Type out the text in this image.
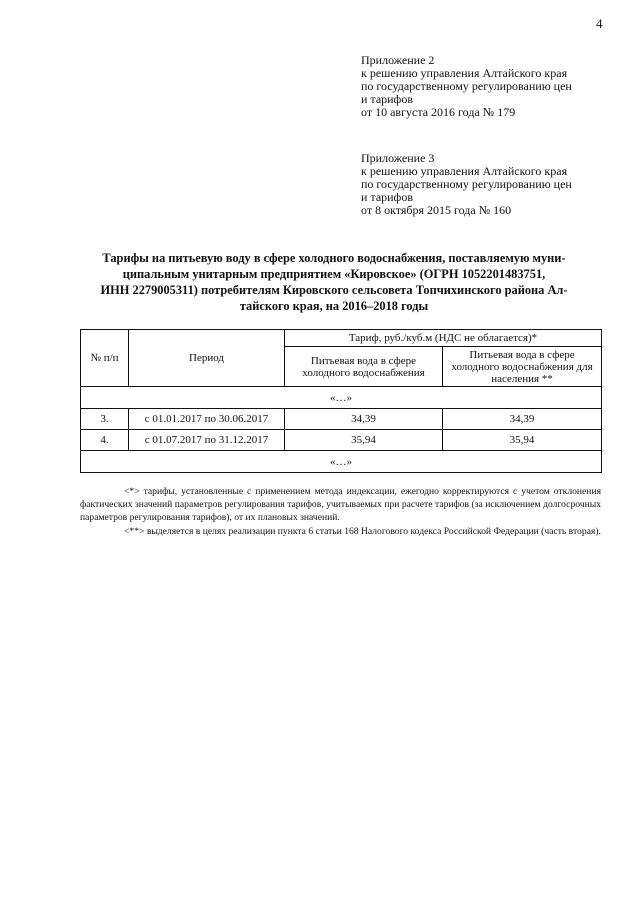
4
Приложение 2
к решению управления Алтайского края
по государственному регулированию цен
и тарифов
от 10 августа 2016 года № 179
Приложение 3
к решению управления Алтайского края
по государственному регулированию цен
и тарифов
от 8 октября 2015 года № 160
Тарифы на питьевую воду в сфере холодного водоснабжения, поставляемую муни-
ципальным унитарным предприятием «Кировское» (ОГРН 1052201483751,
ИНН 2279005311) потребителям Кировского сельсовета Топчихинского района Ал-
тайского края, на 2016–2018 годы
№ п/п	Период	Тариф, руб./куб.м (НДС не облагается)*	
		Питьевая вода в сфере холодного водоснабжения	Питьевая вода в сфере холодного водоснабжения для населения **
«…»			
3.	с 01.01.2017 по 30.06.2017	34,39	34,39
4.	с 01.07.2017 по 31.12.2017	35,94	35,94
«…»			

<*> тарифы, установленные с применением метода индексации, ежегодно корректируются с учетом отклонения фактических значений параметров регулирования тарифов, учитываемых при расчете тарифов (за исключением долгосрочных параметров регулирования тарифов), от их плановых значений.

<**> выделяется в целях реализации пункта 6 статьи 168 Налогового кодекса Российской Федерации (часть вторая).
